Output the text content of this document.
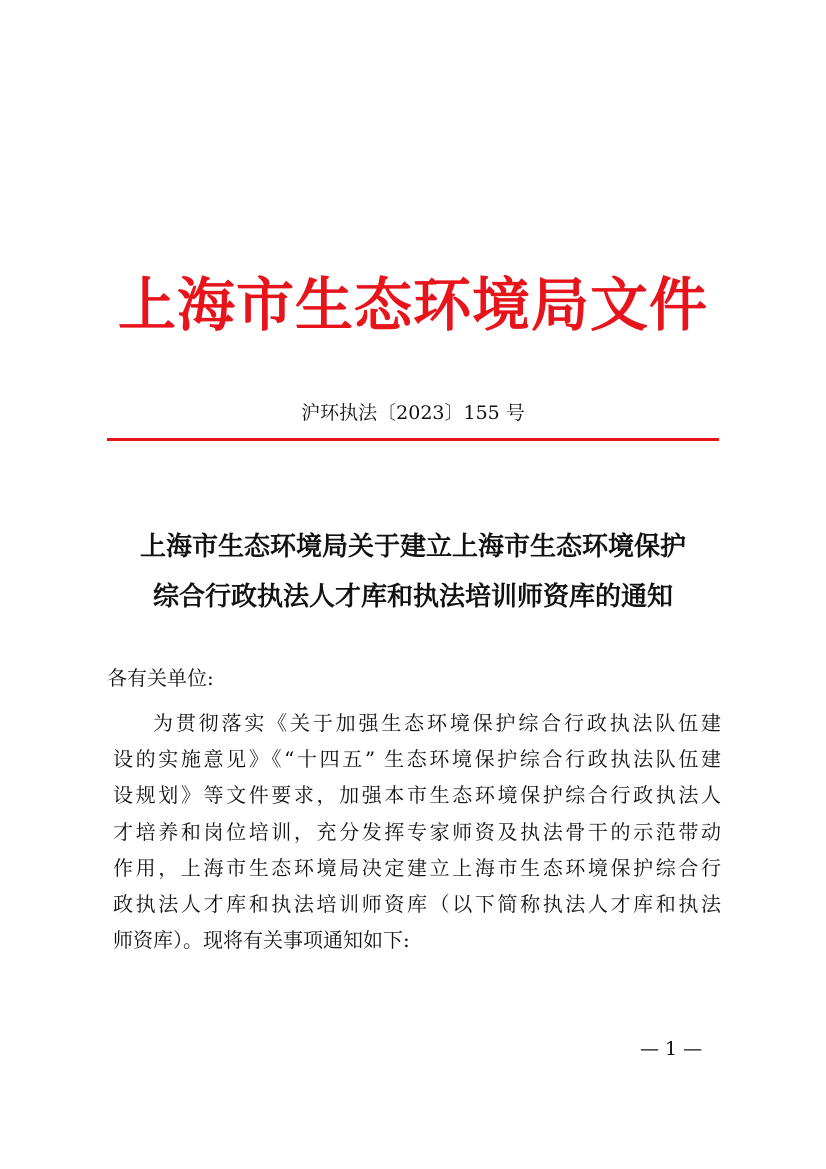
上海市生态环境局文件
沪环执法〔2023〕155 号
上海市生态环境局关于建立上海市生态环境保护
综合行政执法人才库和执法培训师资库的通知
各有关单位:
为贯彻落实《关于加强生态环境保护综合行政执法队伍建
设的实施意见》《“十四五” 生态环境保护综合行政执法队伍建
设规划》等文件要求，加强本市生态环境保护综合行政执法人
才培养和岗位培训，充分发挥专家师资及执法骨干的示范带动
作用，上海市生态环境局决定建立上海市生态环境保护综合行
政执法人才库和执法培训师资库（以下简称执法人才库和执法
师资库）。现将有关事项通知如下:
— 1 —
